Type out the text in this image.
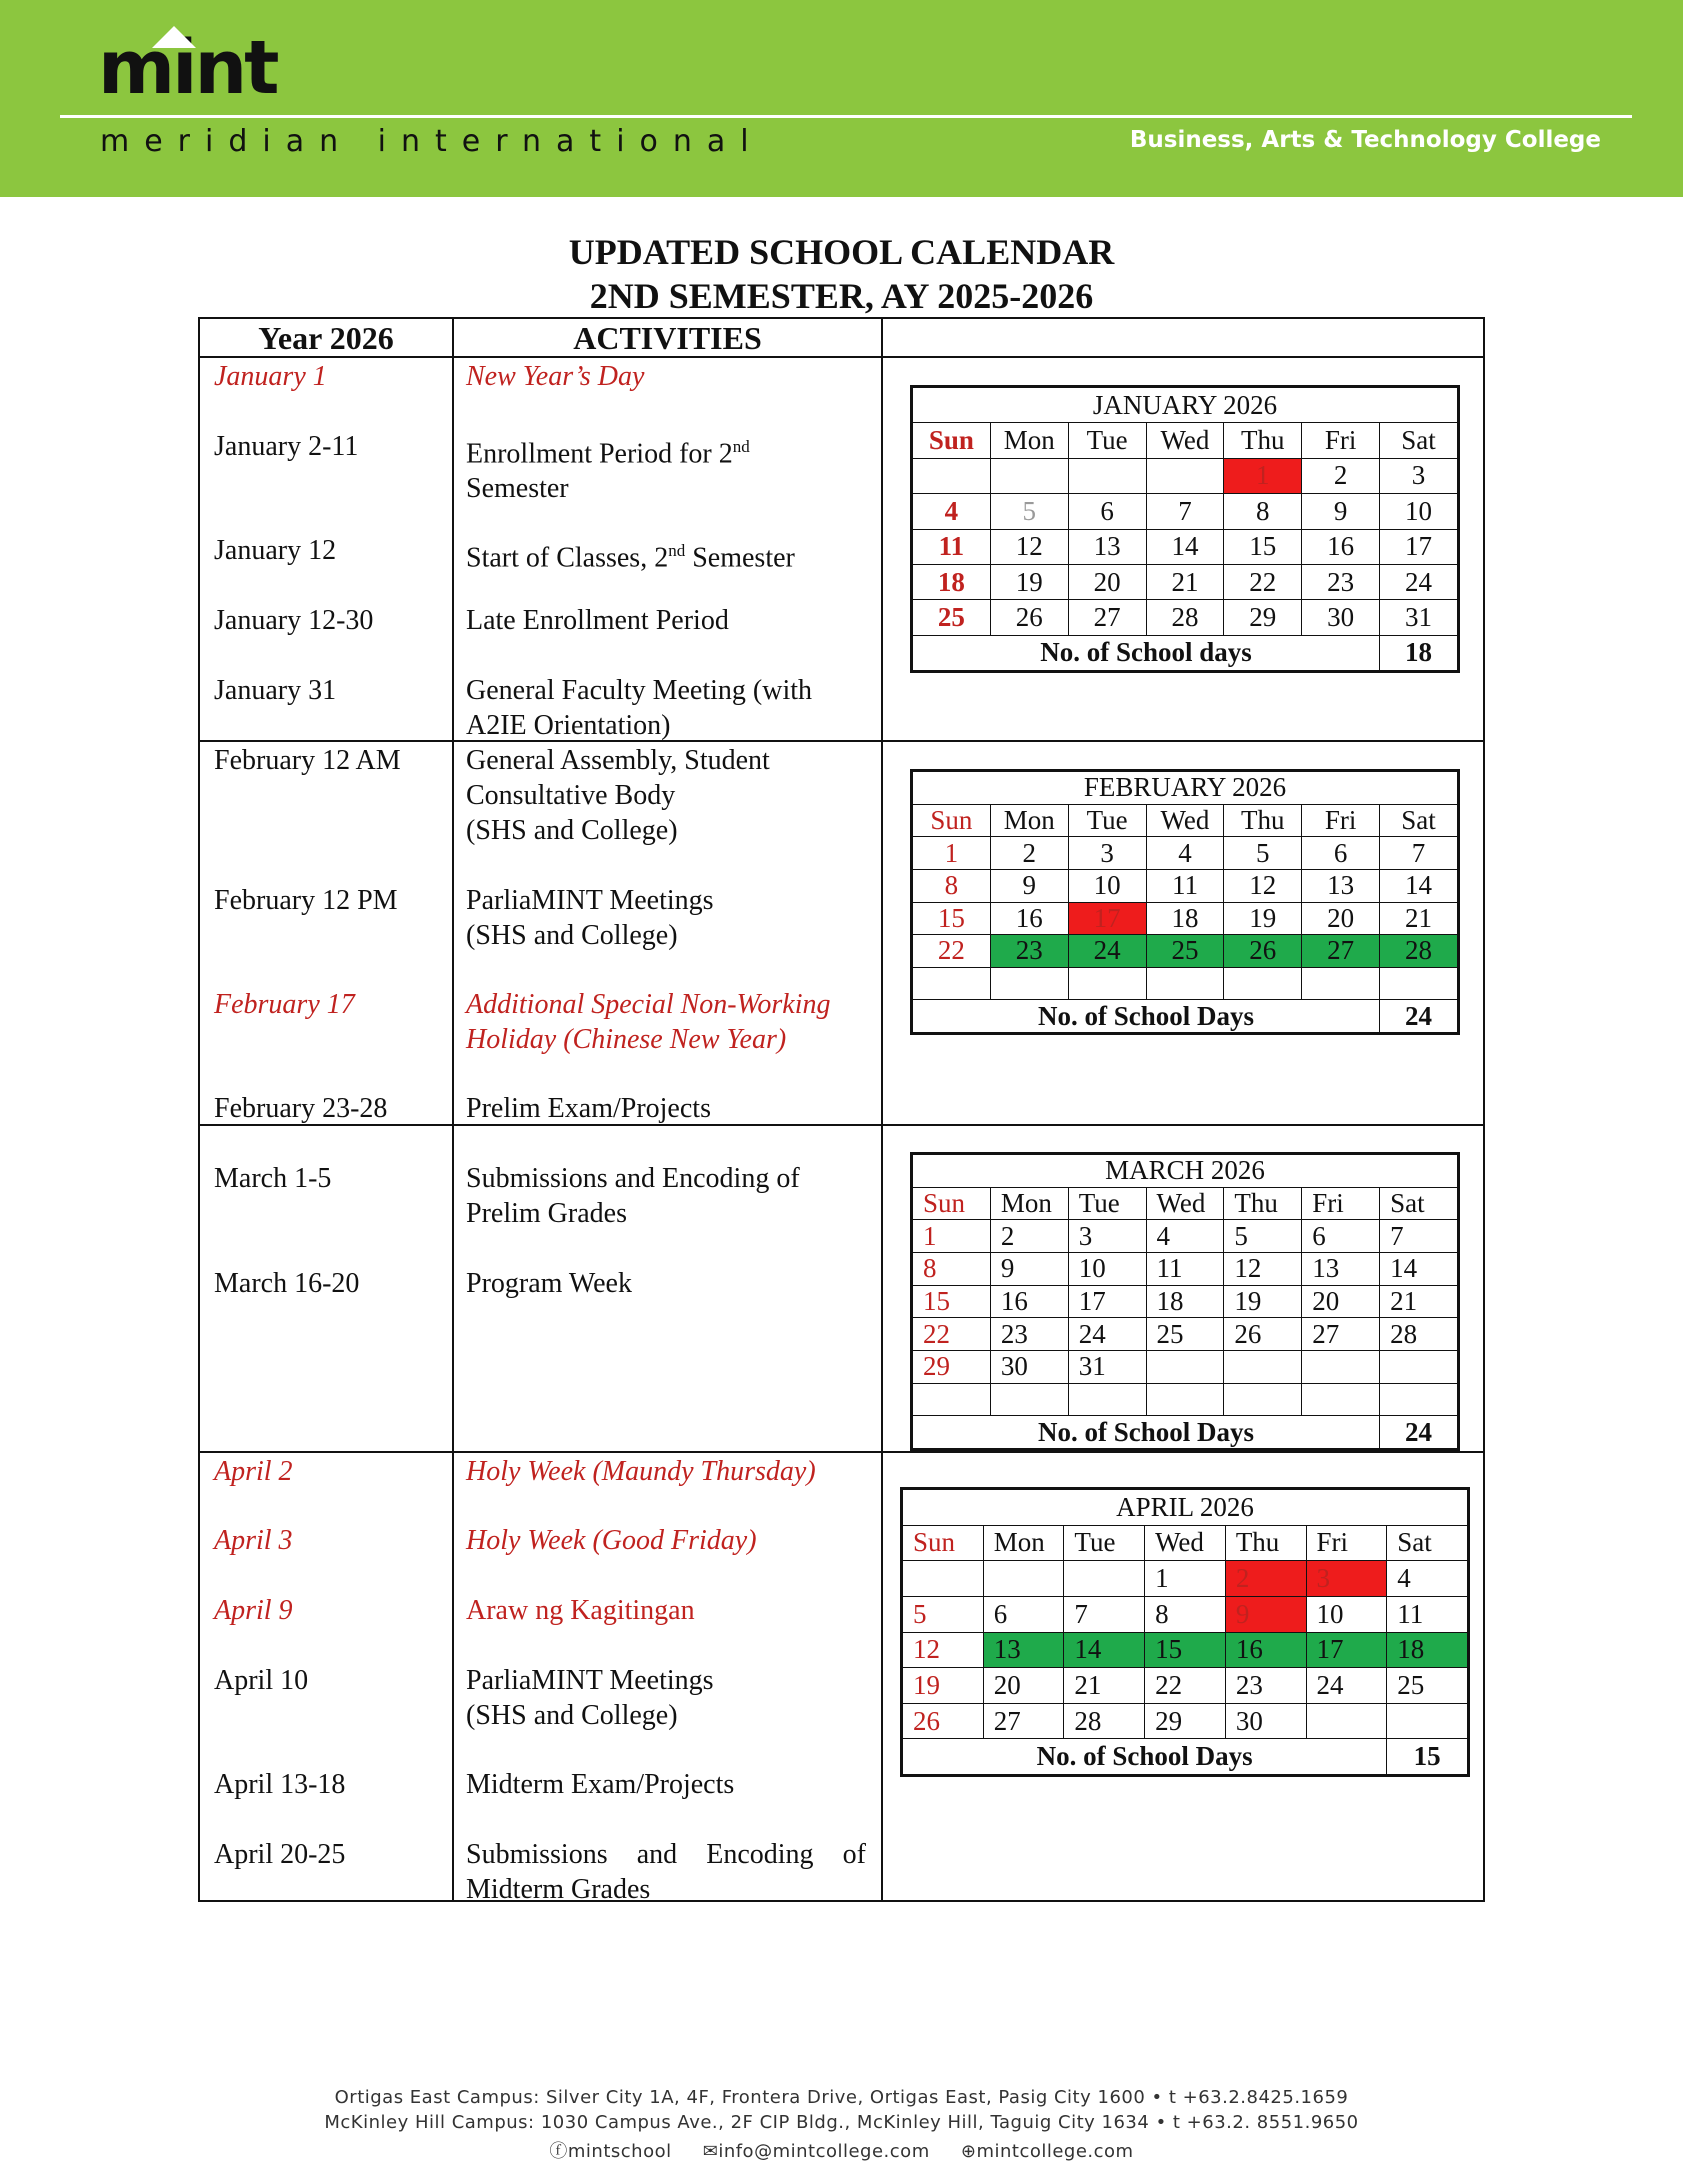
mint
meridian international	Business, Arts & Technology College
UPDATED SCHOOL CALENDAR
2ND SEMESTER, AY 2025-2026
Year 2026	ACTIVITIES
January 1	New Year’s Day
January 2-11	Enrollment Period for 2nd
Semester
January 12	Start of Classes, 2nd Semester
January 12-30	Late Enrollment Period
January 31	General Faculty Meeting (with
A2IE Orientation)
February 12 AM	General Assembly, Student
Consultative Body
(SHS and College)
February 12 PM	ParliaMINT Meetings
(SHS and College)
February 17	Additional Special Non-Working
Holiday (Chinese New Year)
February 23-28	Prelim Exam/Projects
March 1-5	Submissions and Encoding of
Prelim Grades
March 16-20	Program Week
April 2	Holy Week (Maundy Thursday)
April 3	Holy Week (Good Friday)
April 9	Araw ng Kagitingan
April 10	ParliaMINT Meetings
(SHS and College)
April 13-18	Midterm Exam/Projects
April 20-25	Submissions and Encoding of
Midterm Grades
JANUARY 2026						
Sun	Mon	Tue	Wed	Thu	Fri	Sat
				1	2	3
4	5	6	7	8	9	10
11	12	13	14	15	16	17
18	19	20	21	22	23	24
25	26	27	28	29	30	31
No. of School days						18
FEBRUARY 2026						
Sun	Mon	Tue	Wed	Thu	Fri	Sat
1	2	3	4	5	6	7
8	9	10	11	12	13	14
15	16	17	18	19	20	21
22	23	24	25	26	27	28

No. of School Days						24
MARCH 2026						
Sun	Mon	Tue	Wed	Thu	Fri	Sat
1	2	3	4	5	6	7
8	9	10	11	12	13	14
15	16	17	18	19	20	21
22	23	24	25	26	27	28
29	30	31				

No. of School Days						24
APRIL 2026						
Sun	Mon	Tue	Wed	Thu	Fri	Sat
			1	2	3	4
5	6	7	8	9	10	11
12	13	14	15	16	17	18
19	20	21	22	23	24	25
26	27	28	29	30		
No. of School Days						15
Ortigas East Campus: Silver City 1A, 4F, Frontera Drive, Ortigas East, Pasig City 1600 • t +63.2.8425.1659
McKinley Hill Campus: 1030 Campus Ave., 2F CIP Bldg., McKinley Hill, Taguig City 1634 • t +63.2. 8551.9650
ⓕmintschool ✉info@mintcollege.com ⊕mintcollege.com
